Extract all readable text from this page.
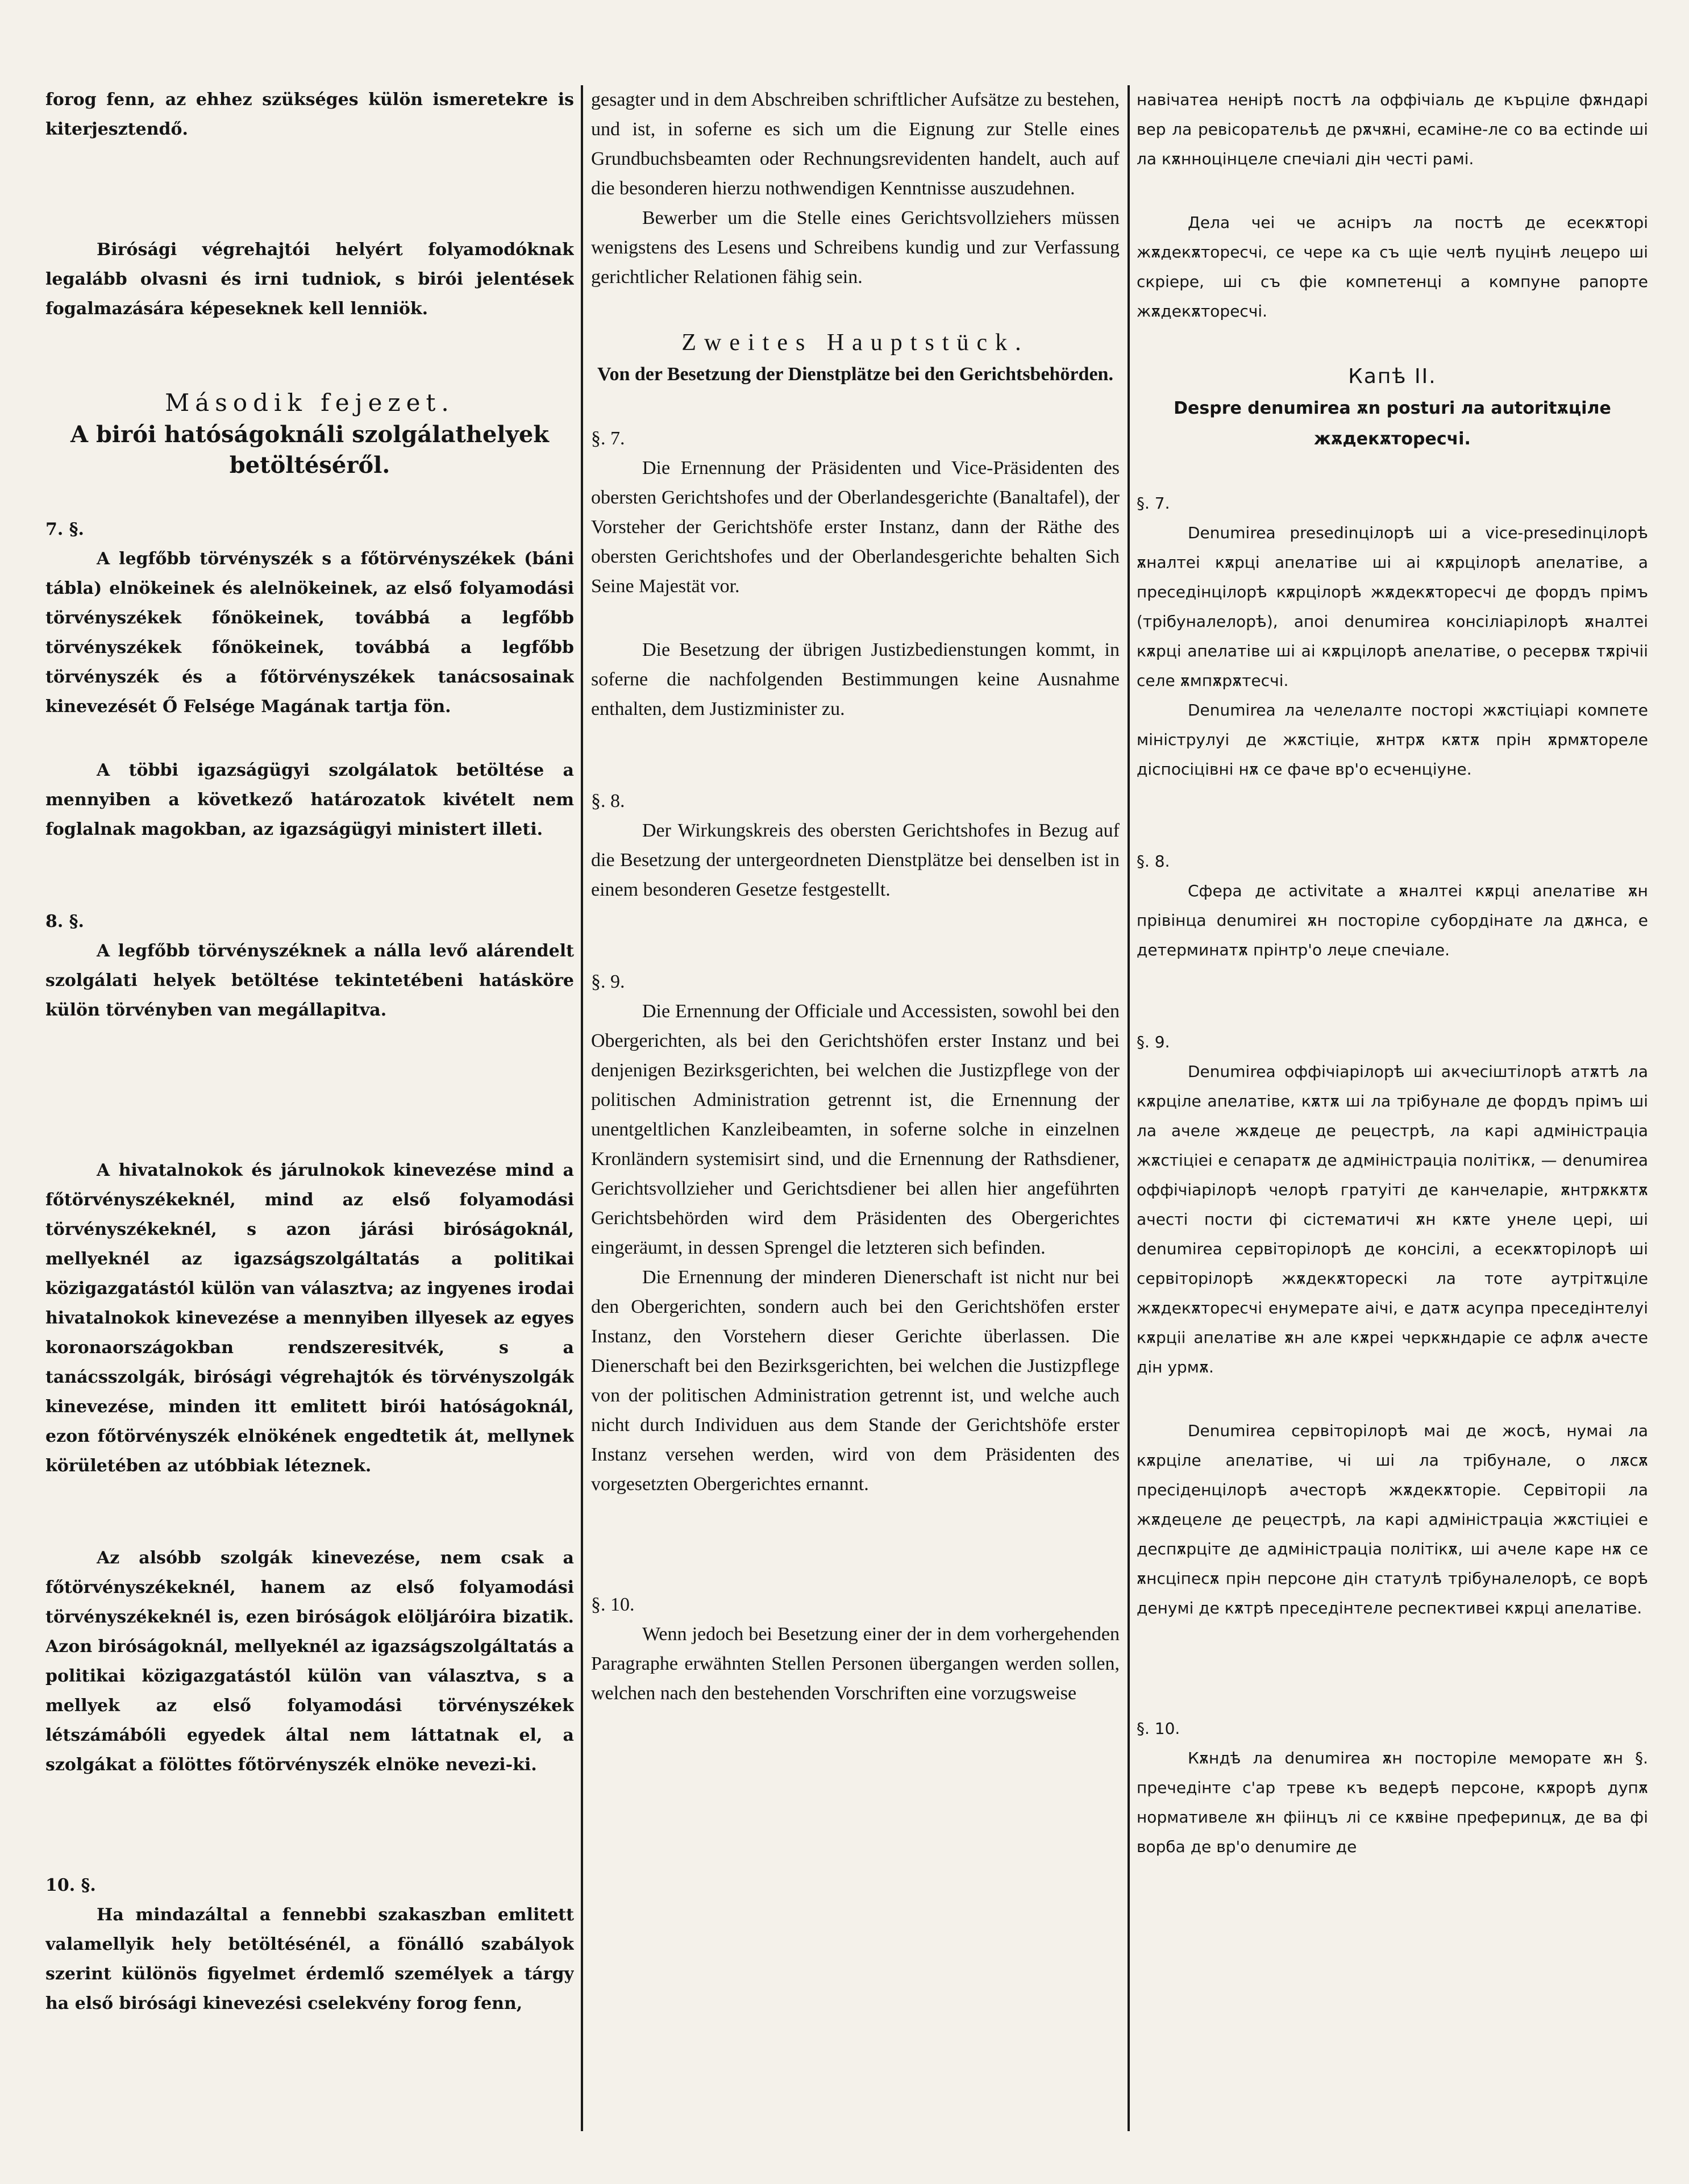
forog fenn, az ehhez szükséges külön ismeretekre is kiterjesztendő.

Birósági végrehajtói helyért folyamodóknak legalább olvasni és irni tudniok, s birói jelentések fogalmazására képeseknek kell lenniök.

Második fejezet.
A birói hatóságoknáli szolgálathelyek betöltéséről.

7. §.

A legfőbb törvényszék s a főtörvényszékek (báni tábla) elnökeinek és alelnökeinek, az első folyamodási törvényszékek főnökeinek, továbbá a legfőbb törvényszékek főnökeinek, továbbá a legfőbb törvényszék és a főtörvényszékek tanácsosainak kinevezését Ő Felsége Magának tartja fön.

A többi igazságügyi szolgálatok betöltése a mennyiben a következő határozatok kivételt nem foglalnak magokban, az igazságügyi ministert illeti.

8. §.

A legfőbb törvényszéknek a nálla levő alárendelt szolgálati helyek betöltése tekintetébeni hatásköre külön törvényben van megállapitva.

A hivatalnokok és járulnokok kinevezése mind a főtörvényszékeknél, mind az első folyamodási törvényszékeknél, s azon járási biróságoknál, mellyeknél az igazságszolgáltatás a politikai közigazgatástól külön van választva; az ingyenes irodai hivatalnokok kinevezése a mennyiben illyesek az egyes koronaországokban rendszeresitvék, s a tanácsszolgák, birósági végrehajtók és törvényszolgák kinevezése, minden itt emlitett birói hatóságoknál, ezon főtörvényszék elnökének engedtetik át, mellynek körületében az utóbbiak léteznek.

Az alsóbb szolgák kinevezése, nem csak a főtörvényszékeknél, hanem az első folyamodási törvényszékeknél is, ezen biróságok elöljáróira bizatik. Azon biróságoknál, mellyeknél az igazságszolgáltatás a politikai közigazgatástól külön van választva, s a mellyek az első folyamodási törvényszékek létszámábóli egyedek által nem láttatnak el, a szolgákat a fölöttes főtörvényszék elnöke nevezi-ki.

10. §.

Ha mindazáltal a fennebbi szakaszban emlitett valamellyik hely betöltésénél, a fönálló szabályok szerint különös figyelmet érdemlő személyek a tárgy ha első birósági kinevezési cselekvény forog fenn,

gesagter und in dem Abschreiben schriftlicher Aufsätze zu bestehen, und ist, in soferne es sich um die Eignung zur Stelle eines Grundbuchsbeamten oder Rechnungsrevidenten handelt, auch auf die besonderen hierzu nothwendigen Kenntnisse auszudehnen.

Bewerber um die Stelle eines Gerichtsvollziehers müssen wenigstens des Lesens und Schreibens kundig und zur Verfassung gerichtlicher Relationen fähig sein.

Zweites Hauptstück.
Von der Besetzung der Dienstplätze bei den Gerichtsbehörden.

§. 7.

Die Ernennung der Präsidenten und Vice-Präsidenten des obersten Gerichtshofes und der Oberlandesgerichte (Banaltafel), der Vorsteher der Gerichtshöfe erster Instanz, dann der Räthe des obersten Gerichtshofes und der Oberlandesgerichte behalten Sich Seine Majestät vor.

Die Besetzung der übrigen Justizbedienstungen kommt, in soferne die nachfolgenden Bestimmungen keine Ausnahme enthalten, dem Justizminister zu.

§. 8.

Der Wirkungskreis des obersten Gerichtshofes in Bezug auf die Besetzung der untergeordneten Dienstplätze bei denselben ist in einem besonderen Gesetze festgestellt.

§. 9.

Die Ernennung der Officiale und Accessisten, sowohl bei den Obergerichten, als bei den Gerichtshöfen erster Instanz und bei denjenigen Bezirksgerichten, bei welchen die Justizpflege von der politischen Administration getrennt ist, die Ernennung der unentgeltlichen Kanzleibeamten, in soferne solche in einzelnen Kronländern systemisirt sind, und die Ernennung der Rathsdiener, Gerichtsvollzieher und Gerichtsdiener bei allen hier angeführten Gerichtsbehörden wird dem Präsidenten des Obergerichtes eingeräumt, in dessen Sprengel die letzteren sich befinden.

Die Ernennung der minderen Dienerschaft ist nicht nur bei den Obergerichten, sondern auch bei den Gerichtshöfen erster Instanz, den Vorstehern dieser Gerichte überlassen. Die Dienerschaft bei den Bezirksgerichten, bei welchen die Justizpflege von der politischen Administration getrennt ist, und welche auch nicht durch Individuen aus dem Stande der Gerichtshöfe erster Instanz versehen werden, wird von dem Präsidenten des vorgesetzten Obergerichtes ernannt.

§. 10.

Wenn jedoch bei Besetzung einer der in dem vorhergehenden Paragraphe erwähnten Stellen Personen übergangen werden sollen, welchen nach den bestehenden Vorschriften eine vorzugsweise

навічатеа ненірѣ постѣ ла оффічіаль де кърціле фѫндарі вер ла ревісорательѣ де рѫчѫні, есаміне-ле со ва ectinde ші ла кѫнноцінцеле спечіалі дін честі рамі.

Дела чеі че асніръ ла постѣ де есекѫторі жѫдекѫторесчі, се чере ка съ щіе челѣ пуцінѣ лецеро ші скріере, ші съ фіе компетенці а компуне рапорте жѫдекѫторесчі.

Капѣ II.
Despre denumirea ѫn posturi ла autoritѫціле жѫдекѫторесчі.

§. 7.

Denumirea presedinцілорѣ ші а vice-presedinцілорѣ ѫналтеі кѫрці апелатіве ші аі кѫрцілорѣ апелатіве, а преседінцілорѣ кѫрцілорѣ жѫдекѫторесчі де фордъ прімъ (трібуналелорѣ), апоі denumirea консіліарілорѣ ѫналтеі кѫрці апелатіве ші аі кѫрцілорѣ апелатіве, о ресервѫ тѫрічіі селе ѫмпѫрѫтесчі.

Denumirea ла челелалте посторі жѫстіціарі компете мініструлуі де жѫстіціе, ѫнтрѫ кѫтѫ прін ѫрмѫтореле діспосіцівні нѫ се фаче вр'о есченціуне.

§. 8.

Сфера де activitate а ѫналтеі кѫрці апелатіве ѫн прівінца denumirei ѫн посторіле субордінате ла дѫнса, е детерминатѫ прінтр'о леџе спечіале.

§. 9.

Denumirea оффічіарілорѣ ші акчесіштілорѣ атѫтѣ ла кѫрціле апелатіве, кѫтѫ ші ла трібунале де фордъ прімъ ші ла ачеле жѫдеце де рецестрѣ, ла карі адміністраціа жѫстіціеі е сепаратѫ де адміністраціа політікѫ, — denumirea оффічіарілорѣ челорѣ гратуіті де канчеларіе, ѫнтрѫкѫтѫ ачесті пости фі ciстематичі ѫн кѫте унеле церi, ші denumirea сервіторілорѣ де консілі, а есекѫторілорѣ ші сервіторілорѣ жѫдекѫторескі ла тоте аутрітѫціле жѫдекѫторесчі енумерате аічі, е датѫ асупра преседінтелуі кѫрціі апелатіве ѫн але кѫреі черкѫндаріе се афлѫ ачесте дін урмѫ.

Denumirea сервіторілорѣ маі де жосѣ, нумаі ла кѫрціле апелатіве, чі ші ла трібунале, о лѫсѫ пресіденцілорѣ ачесторѣ жѫдекѫторіе. Сервіторіі ла жѫдецеле де рецестрѣ, ла карі адміністраціа жѫстіціеі е деспѫрціте де адміністраціа політікѫ, ші ачеле каре нѫ се ѫнсціпесѫ прін персоне дін статулѣ трібуналелорѣ, се ворѣ денумі де кѫтрѣ преседінтеле респективеі кѫрці апелатіве.

§. 10.

Кѫндѣ ла denumirea ѫн посторіле меморате ѫн §. пречедінте с'ар треве къ ведерѣ персоне, кѫрорѣ дупѫ нормативеле ѫн фіінцъ лі се кѫвіне префериnцѫ, де ва фі ворба де вр'о denumire де
